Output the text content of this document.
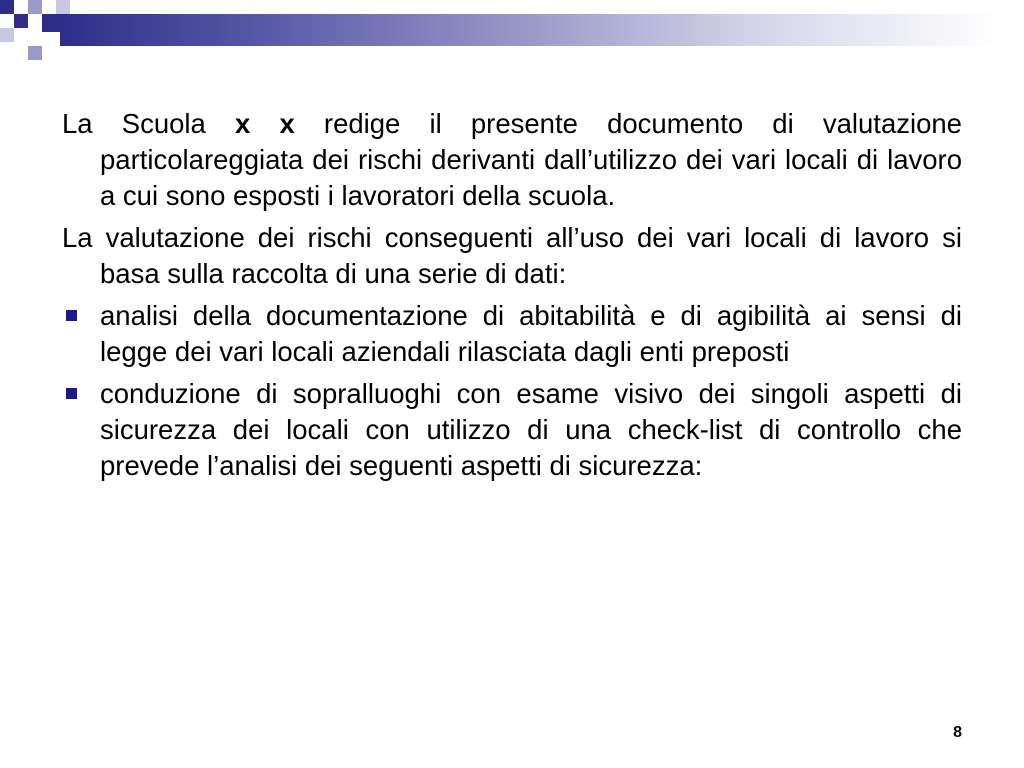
La Scuola x x redige il presente documento di valutazione particolareggiata dei rischi derivanti dall’utilizzo dei vari locali di lavoro a cui sono esposti i lavoratori della scuola.

La valutazione dei rischi conseguenti all’uso dei vari locali di lavoro si basa sulla raccolta di una serie di dati:

analisi della documentazione di abitabilità e di agibilità ai sensi di legge dei vari locali aziendali rilasciata dagli enti preposti
conduzione di sopralluoghi con esame visivo dei singoli aspetti di sicurezza dei locali con utilizzo di una check-list di controllo che prevede l’analisi dei seguenti aspetti di sicurezza:
8
